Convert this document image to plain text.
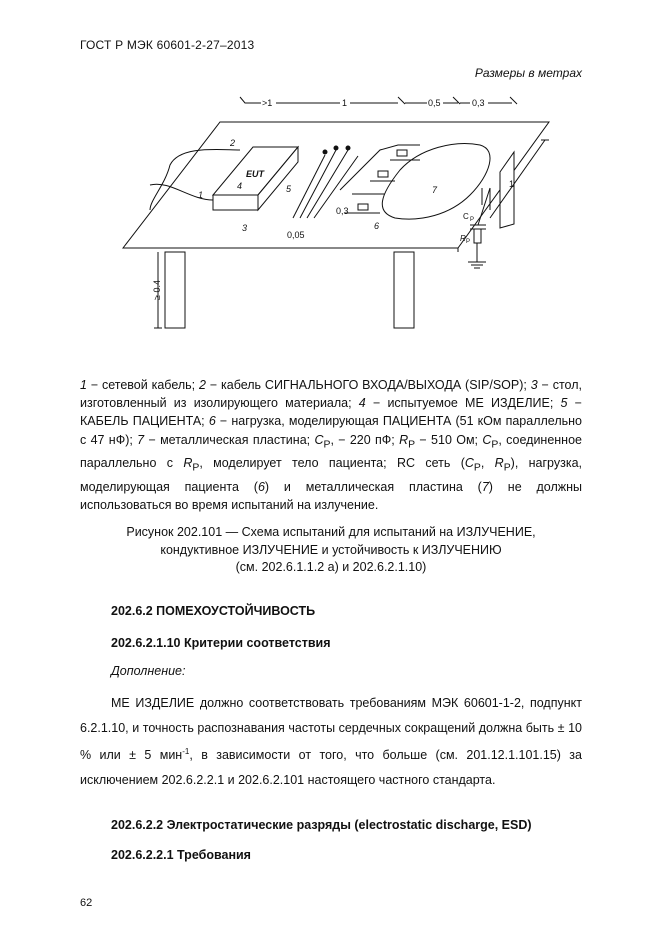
ГОСТ Р МЭК 60601-2-27–2013
Размеры в метрах
>1	1	0,5	0,3
1
≥ 0.4
0,05
0,3
1
2
3
4	5
6
7
EUT
C P
R P
1 − сетевой кабель; 2 − кабель СИГНАЛЬНОГО ВХОДА/ВЫХОДА (SIP/SOP); 3 − стол, изготовленный из изолирующего материала; 4 − испытуемое МЕ ИЗДЕЛИЕ; 5 − КАБЕЛЬ ПАЦИЕНТА; 6 − нагрузка, моделирующая ПАЦИЕНТА (51 кОм параллельно с 47 нФ); 7 − металлическая пластина; $C_P$, − 220 пФ; $R_P - 510$ Ом; $C_P$, соединенное параллельно с $R_P$, моделирует тело пациента; RC сеть ($C_P$, $R_P$), нагрузка, моделирующая пациента (6) и металлическая пластина (7) не должны использоваться во время испытаний на излучение.
Рисунок 202.101 — Схема испытаний для испытаний на ИЗЛУЧЕНИЕ,
кондуктивное ИЗЛУЧЕНИЕ и устойчивость к ИЗЛУЧЕНИЮ
(см. 202.6.1.1.2 а) и 202.6.2.1.10)
202.6.2 ПОМЕХОУСТОЙЧИВОСТЬ
202.6.2.1.10 Критерии соответствия
Дополнение:
МЕ ИЗДЕЛИЕ должно соответствовать требованиям МЭК 60601-1-2, подпункт 6.2.1.10, и точность распознавания частоты сердечных сокращений должна быть ± 10 % или ± 5 мин$^{-1}$, в зависимости от того, что больше (см. 201.12.1.101.15) за исключением 202.6.2.2.1 и 202.6.2.101 настоящего частного стандарта.
202.6.2.2 Электростатические разряды (electrostatic discharge, ESD)
202.6.2.2.1 Требования
62
